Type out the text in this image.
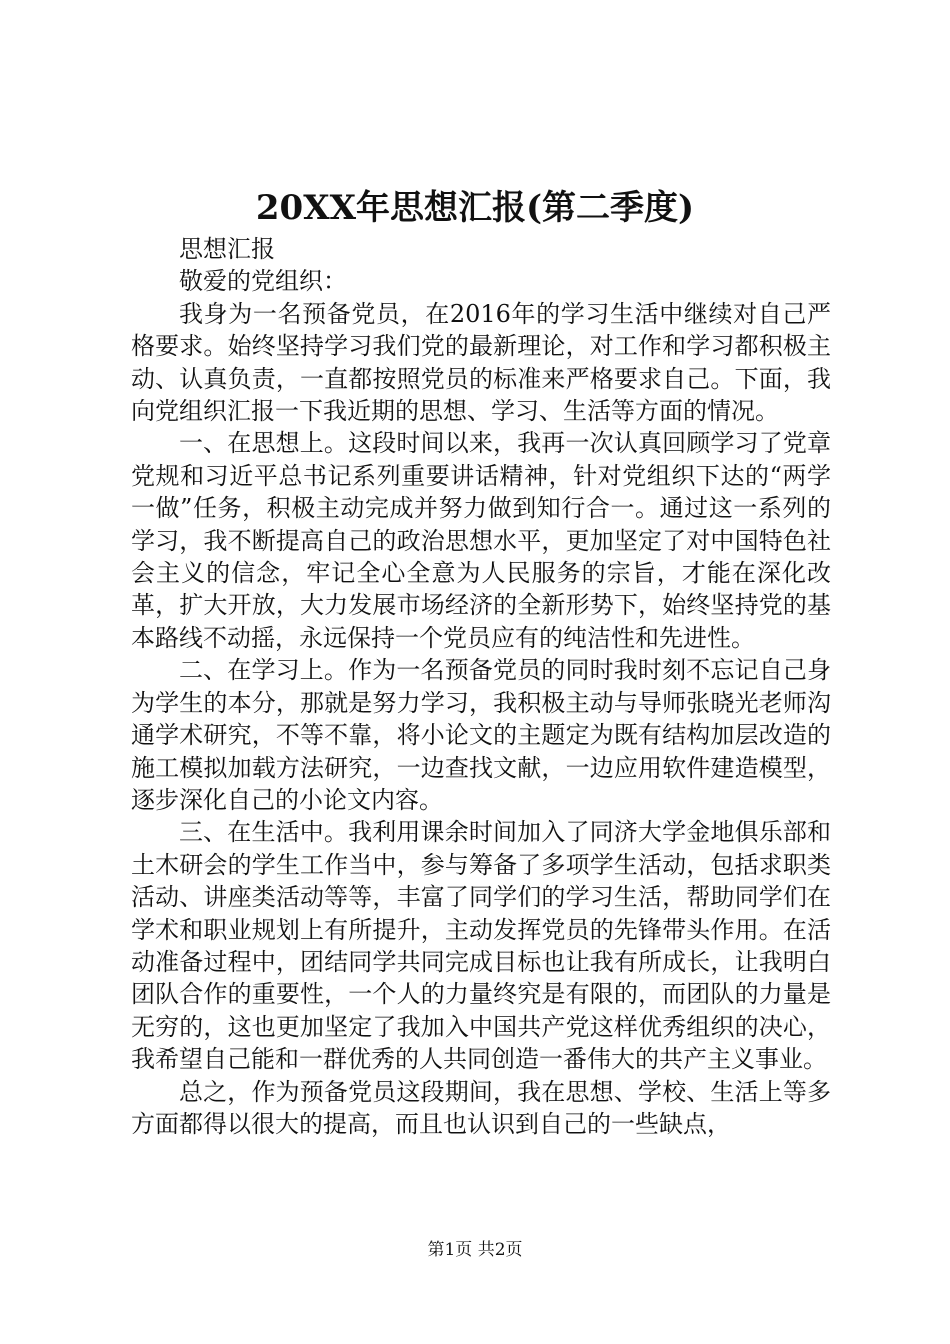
20XX年思想汇报(第二季度)

思想汇报

敬爱的党组织：

我身为一名预备党员，在2016年的学习生活中继续对自己严格要求。始终坚持学习我们党的最新理论，对工作和学习都积极主动、认真负责，一直都按照党员的标准来严格要求自己。下面，我向党组织汇报一下我近期的思想、学习、生活等方面的情况。

一、在思想上。这段时间以来，我再一次认真回顾学习了党章党规和习近平总书记系列重要讲话精神，针对党组织下达的“两学一做”任务，积极主动完成并努力做到知行合一。通过这一系列的学习，我不断提高自己的政治思想水平，更加坚定了对中国特色社会主义的信念，牢记全心全意为人民服务的宗旨，才能在深化改革，扩大开放，大力发展市场经济的全新形势下，始终坚持党的基本路线不动摇，永远保持一个党员应有的纯洁性和先进性。

二、在学习上。作为一名预备党员的同时我时刻不忘记自己身为学生的本分，那就是努力学习，我积极主动与导师张晓光老师沟通学术研究，不等不靠，将小论文的主题定为既有结构加层改造的施工模拟加载方法研究，一边查找文献，一边应用软件建造模型，逐步深化自己的小论文内容。

三、在生活中。我利用课余时间加入了同济大学金地俱乐部和土木研会的学生工作当中，参与筹备了多项学生活动，包括求职类活动、讲座类活动等等，丰富了同学们的学习生活，帮助同学们在学术和职业规划上有所提升，主动发挥党员的先锋带头作用。在活动准备过程中，团结同学共同完成目标也让我有所成长，让我明白团队合作的重要性，一个人的力量终究是有限的，而团队的力量是无穷的，这也更加坚定了我加入中国共产党这样优秀组织的决心，我希望自己能和一群优秀的人共同创造一番伟大的共产主义事业。

总之，作为预备党员这段期间，我在思想、学校、生活上等多方面都得以很大的提高，而且也认识到自己的一些缺点，

第1页 共2页
